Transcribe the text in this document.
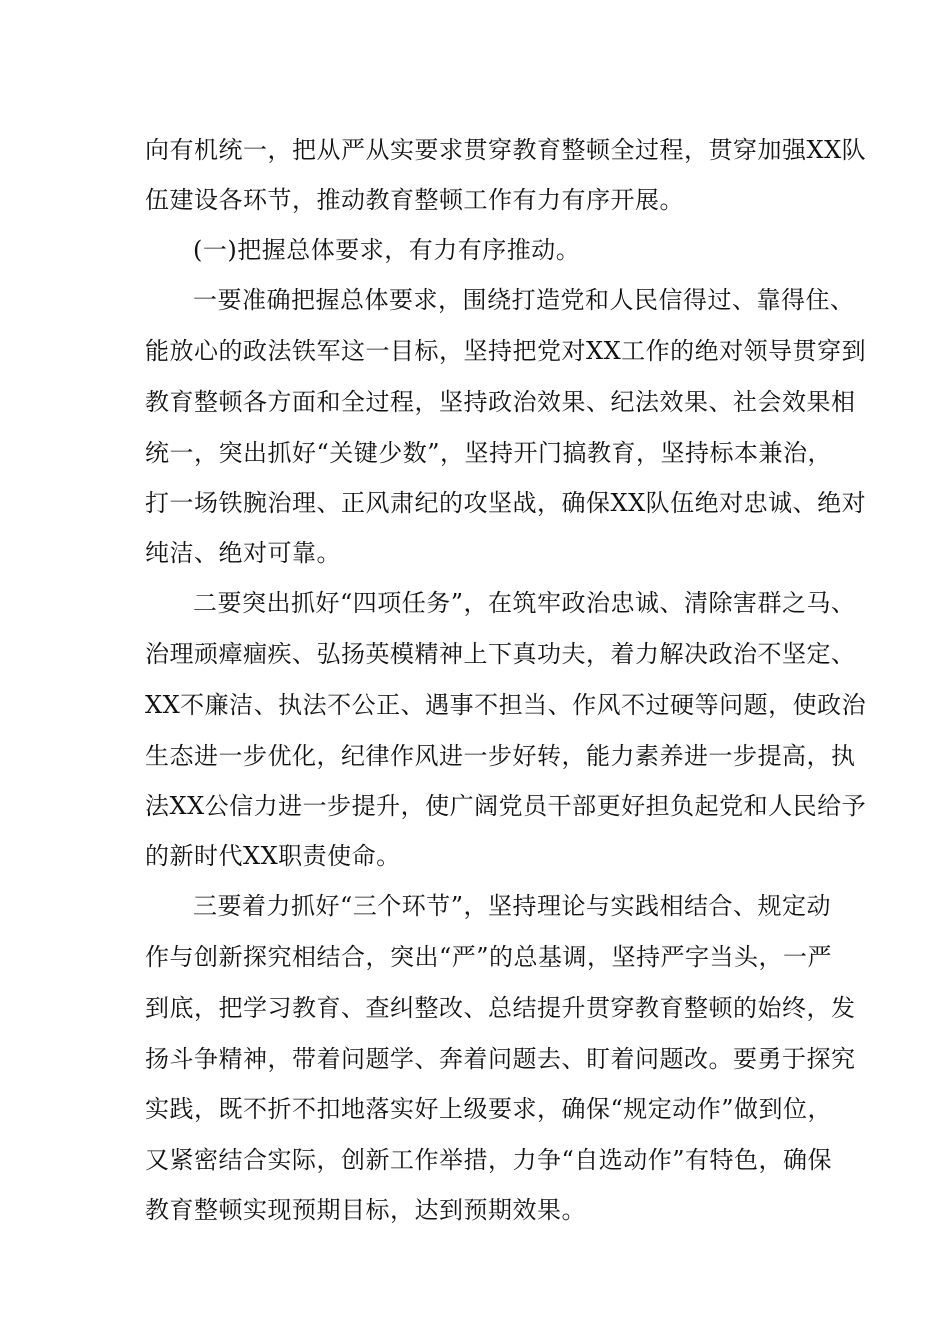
向有机统一，把从严从实要求贯穿教育整顿全过程，贯穿加强XX队
伍建设各环节，推动教育整顿工作有力有序开展。
(一)把握总体要求，有力有序推动。
一要准确把握总体要求，围绕打造党和人民信得过、靠得住、
能放心的政法铁军这一目标，坚持把党对XX工作的绝对领导贯穿到
教育整顿各方面和全过程，坚持政治效果、纪法效果、社会效果相
统一，突出抓好“关键少数”，坚持开门搞教育，坚持标本兼治，
打一场铁腕治理、正风肃纪的攻坚战，确保XX队伍绝对忠诚、绝对
纯洁、绝对可靠。
二要突出抓好“四项任务”，在筑牢政治忠诚、清除害群之马、
治理顽瘴痼疾、弘扬英模精神上下真功夫，着力解决政治不坚定、
XX不廉洁、执法不公正、遇事不担当、作风不过硬等问题，使政治
生态进一步优化，纪律作风进一步好转，能力素养进一步提高，执
法XX公信力进一步提升，使广阔党员干部更好担负起党和人民给予
的新时代XX职责使命。
三要着力抓好“三个环节”，坚持理论与实践相结合、规定动
作与创新探究相结合，突出“严”的总基调，坚持严字当头，一严
到底，把学习教育、查纠整改、总结提升贯穿教育整顿的始终，发
扬斗争精神，带着问题学、奔着问题去、盯着问题改。要勇于探究
实践，既不折不扣地落实好上级要求，确保“规定动作”做到位，
又紧密结合实际，创新工作举措，力争“自选动作”有特色，确保
教育整顿实现预期目标，达到预期效果。
